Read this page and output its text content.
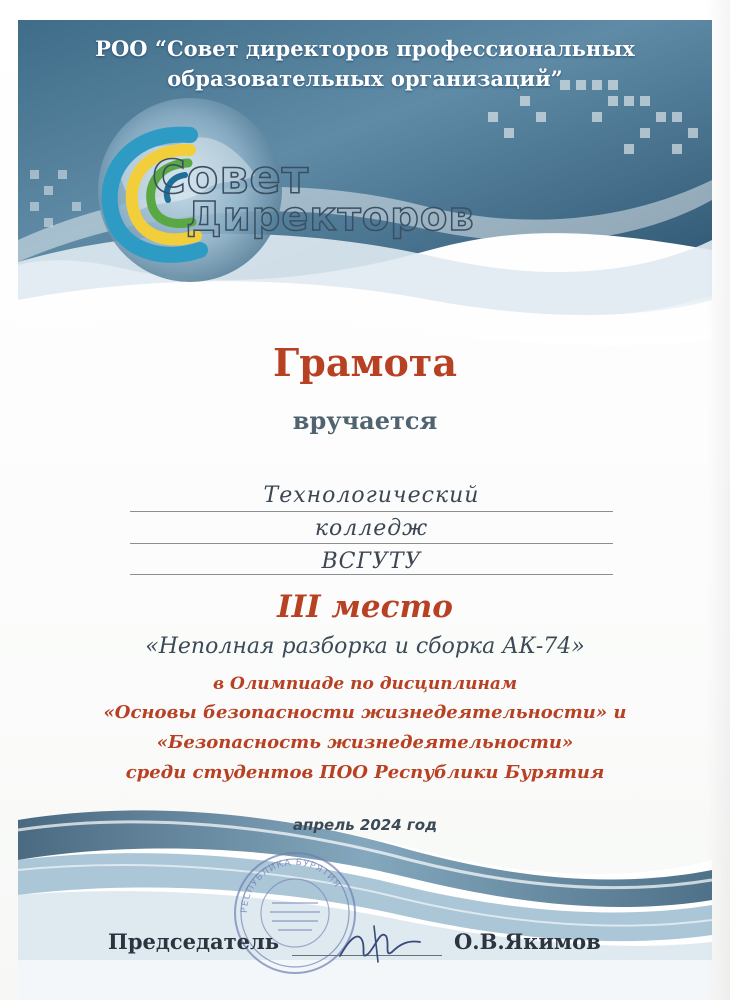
РОО “Совет директоров профессиональных
образовательных организаций”
Совет
Директоров
Грамота
вручается
Технологический
колледж
ВСГУТУ
III место
«Неполная разборка и сборка АК-74»
в Олимпиаде по дисциплинам
«Основы безопасности жизнедеятельности» и
«Безопасность жизнедеятельности»
среди студентов ПОО Республики Бурятия
апрель 2024 год
РЕСПУБЛИКА БУРЯТИЯ
Председатель	О.В.Якимов
